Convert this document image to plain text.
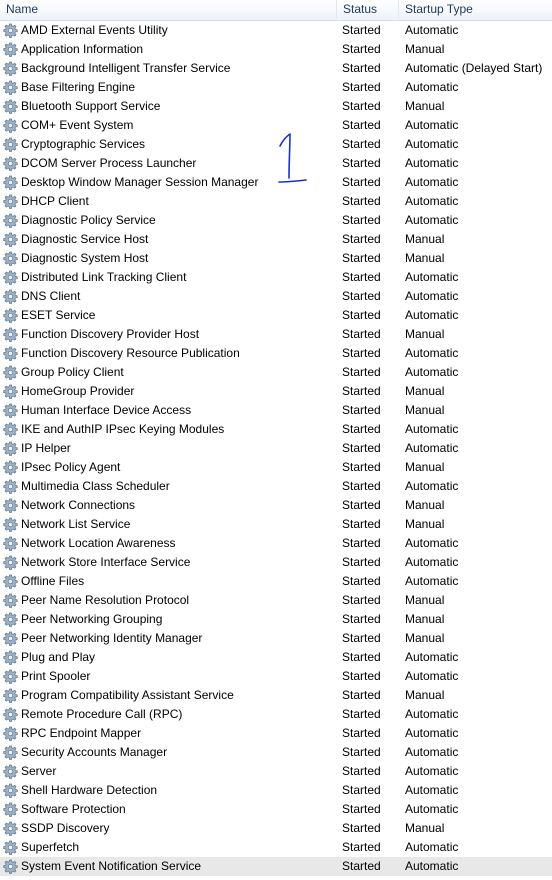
Name	Status	Startup Type
AMD External Events Utility	Started Automatic
Application Information	Started Manual
Background Intelligent Transfer Service	Started Automatic (Delayed Start)
Base Filtering Engine	Started Automatic
Bluetooth Support Service	Started Manual
COM+ Event System	Started Automatic
Cryptographic Services	Started Automatic
DCOM Server Process Launcher	Started Automatic
Desktop Window Manager Session Manager	Started Automatic
DHCP Client	Started Automatic
Diagnostic Policy Service	Started Automatic
Diagnostic Service Host	Started Manual
Diagnostic System Host	Started Manual
Distributed Link Tracking Client	Started Automatic
DNS Client	Started Automatic
ESET Service	Started Automatic
Function Discovery Provider Host	Started Manual
Function Discovery Resource Publication	Started Automatic
Group Policy Client	Started Automatic
HomeGroup Provider	Started Manual
Human Interface Device Access	Started Manual
IKE and AuthIP IPsec Keying Modules	Started Automatic
IP Helper	Started Automatic
IPsec Policy Agent	Started Manual
Multimedia Class Scheduler	Started Automatic
Network Connections	Started Manual
Network List Service	Started Manual
Network Location Awareness	Started Automatic
Network Store Interface Service	Started Automatic
Offline Files	Started Automatic
Peer Name Resolution Protocol	Started Manual
Peer Networking Grouping	Started Manual
Peer Networking Identity Manager	Started Manual
Plug and Play	Started Automatic
Print Spooler	Started Automatic
Program Compatibility Assistant Service	Started Manual
Remote Procedure Call (RPC)	Started Automatic
RPC Endpoint Mapper	Started Automatic
Security Accounts Manager	Started Automatic
Server	Started Automatic
Shell Hardware Detection	Started Automatic
Software Protection	Started Automatic
SSDP Discovery	Started Manual
Superfetch	Started Automatic
System Event Notification Service	Started Automatic
